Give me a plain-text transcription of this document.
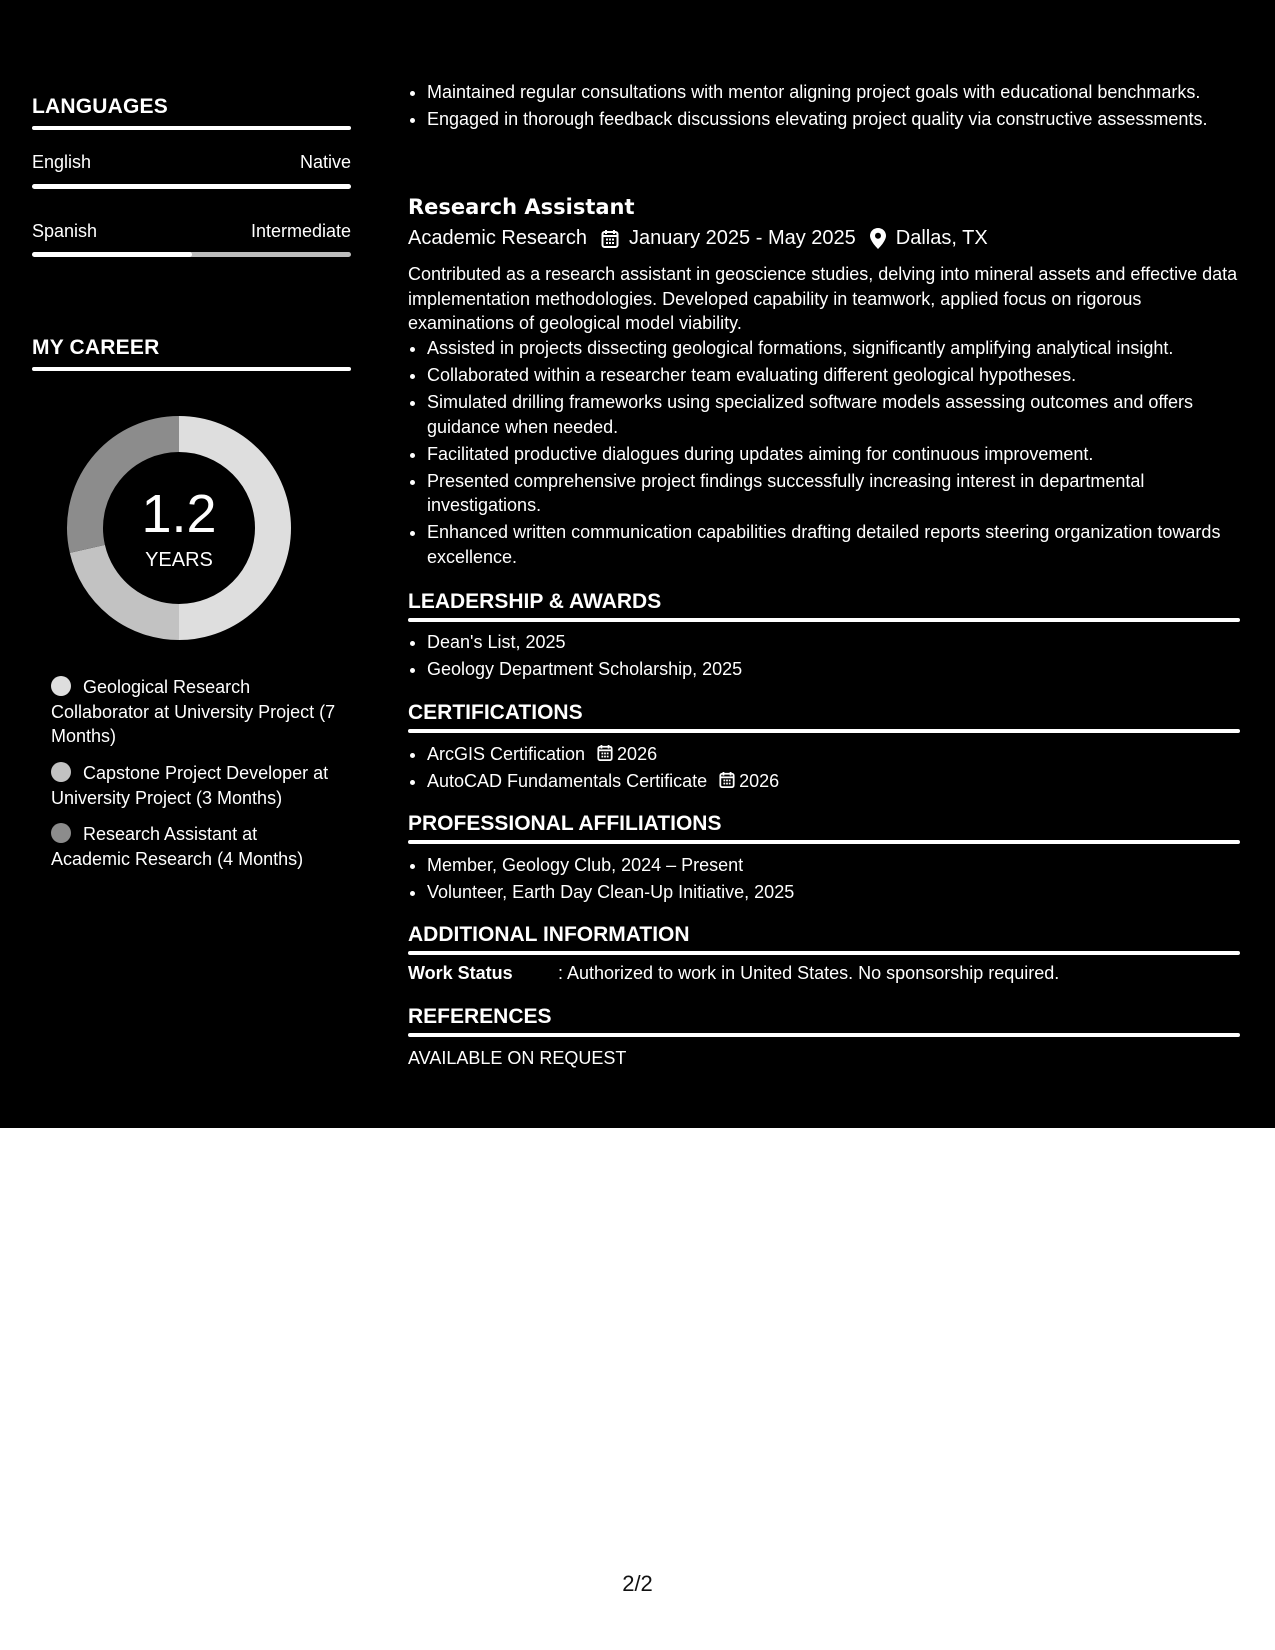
LANGUAGES
English	Native
Spanish	Intermediate
MY CAREER
1.2
YEARS
Geological Research Collaborator at University Project (7 Months)
Capstone Project Developer at University Project (3 Months)
Research Assistant at Academic Research (4 Months)
• Maintained regular consultations with mentor aligning project goals with educational benchmarks.
• Engaged in thorough feedback discussions elevating project quality via constructive assessments.
Research Assistant
Academic Research January 2025 - May 2025 Dallas, TX
Contributed as a research assistant in geoscience studies, delving into mineral assets and effective data implementation methodologies. Developed capability in teamwork, applied focus on rigorous examinations of geological model viability.
• Assisted in projects dissecting geological formations, significantly amplifying analytical insight.
• Collaborated within a researcher team evaluating different geological hypotheses.
• Simulated drilling frameworks using specialized software models assessing outcomes and offers guidance when needed.
• Facilitated productive dialogues during updates aiming for continuous improvement.
• Presented comprehensive project findings successfully increasing interest in departmental investigations.
• Enhanced written communication capabilities drafting detailed reports steering organization towards excellence.
LEADERSHIP & AWARDS
• Dean's List, 2025
• Geology Department Scholarship, 2025
CERTIFICATIONS
• ArcGIS Certification 2026
• AutoCAD Fundamentals Certificate 2026
PROFESSIONAL AFFILIATIONS
• Member, Geology Club, 2024 – Present
• Volunteer, Earth Day Clean-Up Initiative, 2025
ADDITIONAL INFORMATION
Work Status	: Authorized to work in United States. No sponsorship required.
REFERENCES
AVAILABLE ON REQUEST
2/2
